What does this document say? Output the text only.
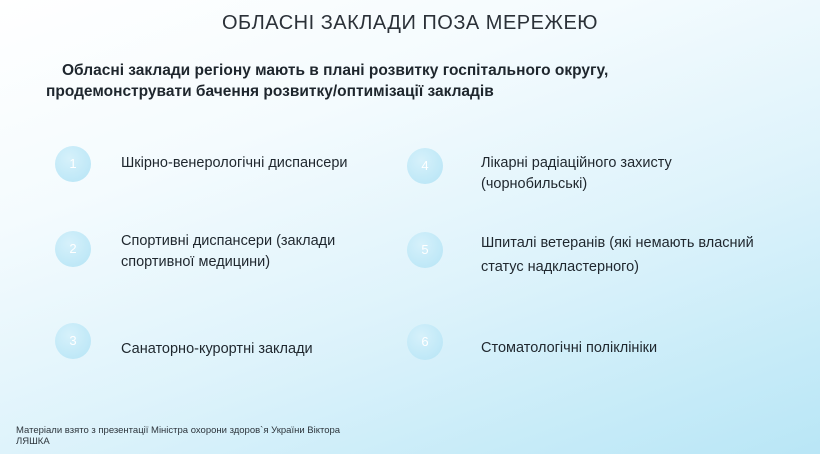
ОБЛАСНІ ЗАКЛАДИ ПОЗА МЕРЕЖЕЮ
Обласні заклади регіону мають в плані розвитку госпітального округу,
продемонструвати бачення розвитку/оптимізації закладів
1	Шкірно-венерологічні диспансери
2	Спортивні диспансери (заклади
спортивної медицини)
3
Санаторно-курортні заклади
4	Лікарні радіаційного захисту
(чорнобильські)
5	Шпиталі ветеранів (які немають власний
статус надкластерного)
6	Стоматологічні поліклініки
Матеріали взято з презентації Міністра охорони здоров`я України Віктора
ЛЯШКА
